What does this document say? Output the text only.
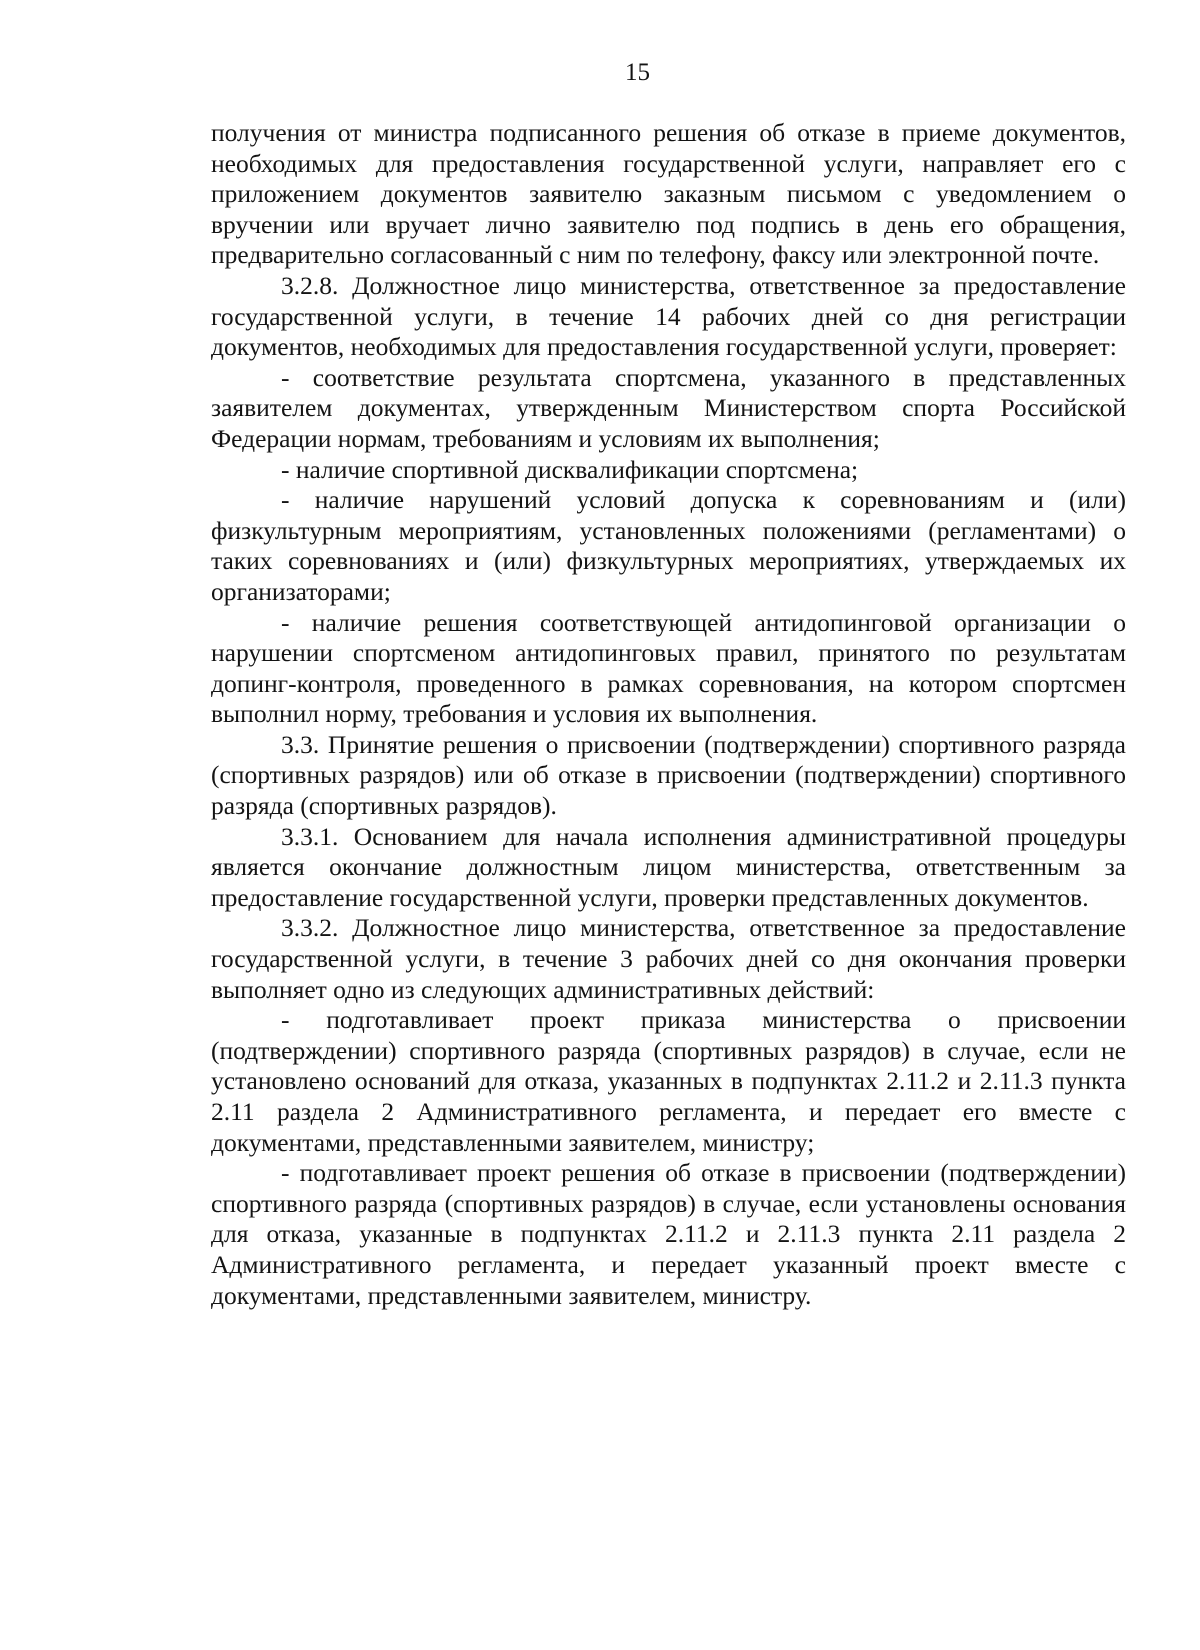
15

получения от министра подписанного решения об отказе в приеме документов, необходимых для предоставления государственной услуги, направляет его с приложением документов заявителю заказным письмом с уведомлением о вручении или вручает лично заявителю под подпись в день его обращения, предварительно согласованный с ним по телефону, факсу или электронной почте.

3.2.8. Должностное лицо министерства, ответственное за предоставление государственной услуги, в течение 14 рабочих дней со дня регистрации документов, необходимых для предоставления государственной услуги, проверяет:

- соответствие результата спортсмена, указанного в представленных заявителем документах, утвержденным Министерством спорта Российской Федерации нормам, требованиям и условиям их выполнения;

- наличие спортивной дисквалификации спортсмена;

- наличие нарушений условий допуска к соревнованиям и (или) физкультурным мероприятиям, установленных положениями (регламентами) о таких соревнованиях и (или) физкультурных мероприятиях, утверждаемых их организаторами;

- наличие решения соответствующей антидопинговой организации о нарушении спортсменом антидопинговых правил, принятого по результатам допинг-контроля, проведенного в рамках соревнования, на котором спортсмен выполнил норму, требования и условия их выполнения.

3.3. Принятие решения о присвоении (подтверждении) спортивного разряда (спортивных разрядов) или об отказе в присвоении (подтверждении) спортивного разряда (спортивных разрядов).

3.3.1. Основанием для начала исполнения административной процедуры является окончание должностным лицом министерства, ответственным за предоставление государственной услуги, проверки представленных документов.

3.3.2. Должностное лицо министерства, ответственное за предоставление государственной услуги, в течение 3 рабочих дней со дня окончания проверки выполняет одно из следующих административных действий:

- подготавливает проект приказа министерства о присвоении (подтверждении) спортивного разряда (спортивных разрядов) в случае, если не установлено оснований для отказа, указанных в подпунктах 2.11.2 и 2.11.3 пункта 2.11 раздела 2 Административного регламента, и передает его вместе с документами, представленными заявителем, министру;

- подготавливает проект решения об отказе в присвоении (подтверждении) спортивного разряда (спортивных разрядов) в случае, если установлены основания для отказа, указанные в подпунктах 2.11.2 и 2.11.3 пункта 2.11 раздела 2 Административного регламента, и передает указанный проект вместе с документами, представленными заявителем, министру.
